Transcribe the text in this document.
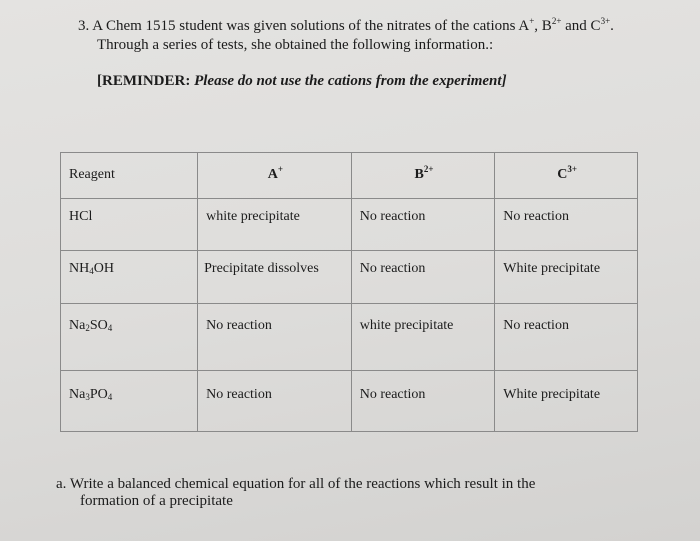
3. A Chem 1515 student was given solutions of the nitrates of the cations A+, $B^{2+}$ and $C^{3+}$.
Through a series of tests, she obtained the following information.:
[REMINDER: Please do not use the cations from the experiment]
Reagent	A+	$B^{2+}$	$C^{3+}$
HCl	white precipitate	No reaction	No reaction
$NH_4OH$	Precipitate dissolves	No reaction	White precipitate
$Na_2SO_4$	No reaction	white precipitate	No reaction
$Na_3PO_4$	No reaction	No reaction	White precipitate
a. Write a balanced chemical equation for all of the reactions which result in the
formation of a precipitate
